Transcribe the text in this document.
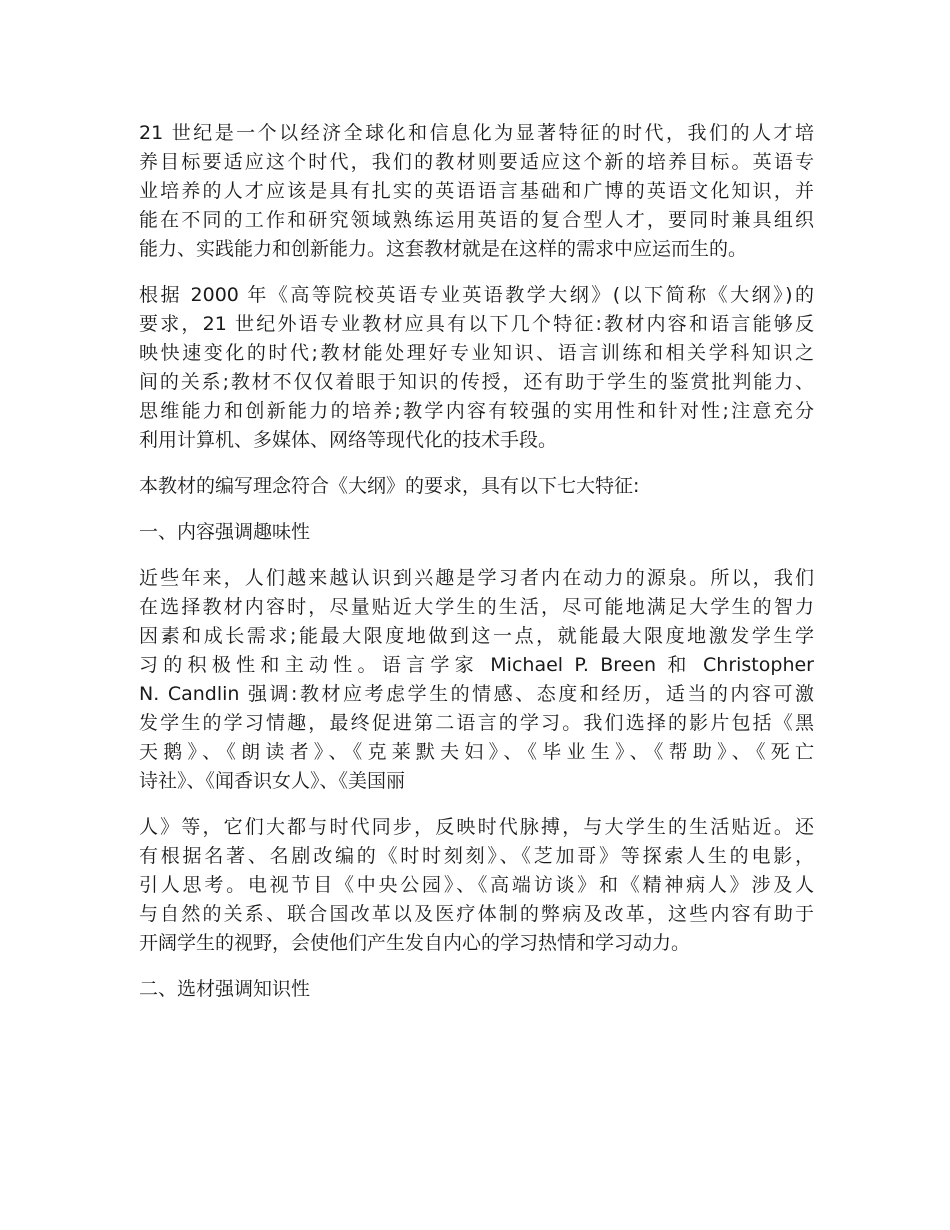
21 世纪是一个以经济全球化和信息化为显著特征的时代，我们的人才培
养目标要适应这个时代，我们的教材则要适应这个新的培养目标。英语专
业培养的人才应该是具有扎实的英语语言基础和广博的英语文化知识，并
能在不同的工作和研究领域熟练运用英语的复合型人才，要同时兼具组织
能力、实践能力和创新能力。这套教材就是在这样的需求中应运而生的。
根据 2000 年《高等院校英语专业英语教学大纲》(以下简称《大纲》)的
要求，21 世纪外语专业教材应具有以下几个特征:教材内容和语言能够反
映快速变化的时代;教材能处理好专业知识、语言训练和相关学科知识之
间的关系;教材不仅仅着眼于知识的传授，还有助于学生的鉴赏批判能力、
思维能力和创新能力的培养;教学内容有较强的实用性和针对性;注意充分
利用计算机、多媒体、网络等现代化的技术手段。
本教材的编写理念符合《大纲》的要求，具有以下七大特征:
一、内容强调趣味性
近些年来，人们越来越认识到兴趣是学习者内在动力的源泉。所以，我们
在选择教材内容时，尽量贴近大学生的生活，尽可能地满足大学生的智力
因素和成长需求;能最大限度地做到这一点，就能最大限度地激发学生学
习的积极性和主动性。语言学家 Michael P. Breen 和 Christopher
N. Candlin 强调:教材应考虑学生的情感、态度和经历，适当的内容可激
发学生的学习情趣，最终促进第二语言的学习。我们选择的影片包括《黑
天鹅》、《朗读者》、《克莱默夫妇》、《毕业生》、《帮助》、《死亡
诗社》、《闻香识女人》、《美国丽
人》等，它们大都与时代同步，反映时代脉搏，与大学生的生活贴近。还
有根据名著、名剧改编的《时时刻刻》、《芝加哥》等探索人生的电影，
引人思考。电视节目《中央公园》、《高端访谈》和《精神病人》涉及人
与自然的关系、联合国改革以及医疗体制的弊病及改革，这些内容有助于
开阔学生的视野，会使他们产生发自内心的学习热情和学习动力。
二、选材强调知识性
